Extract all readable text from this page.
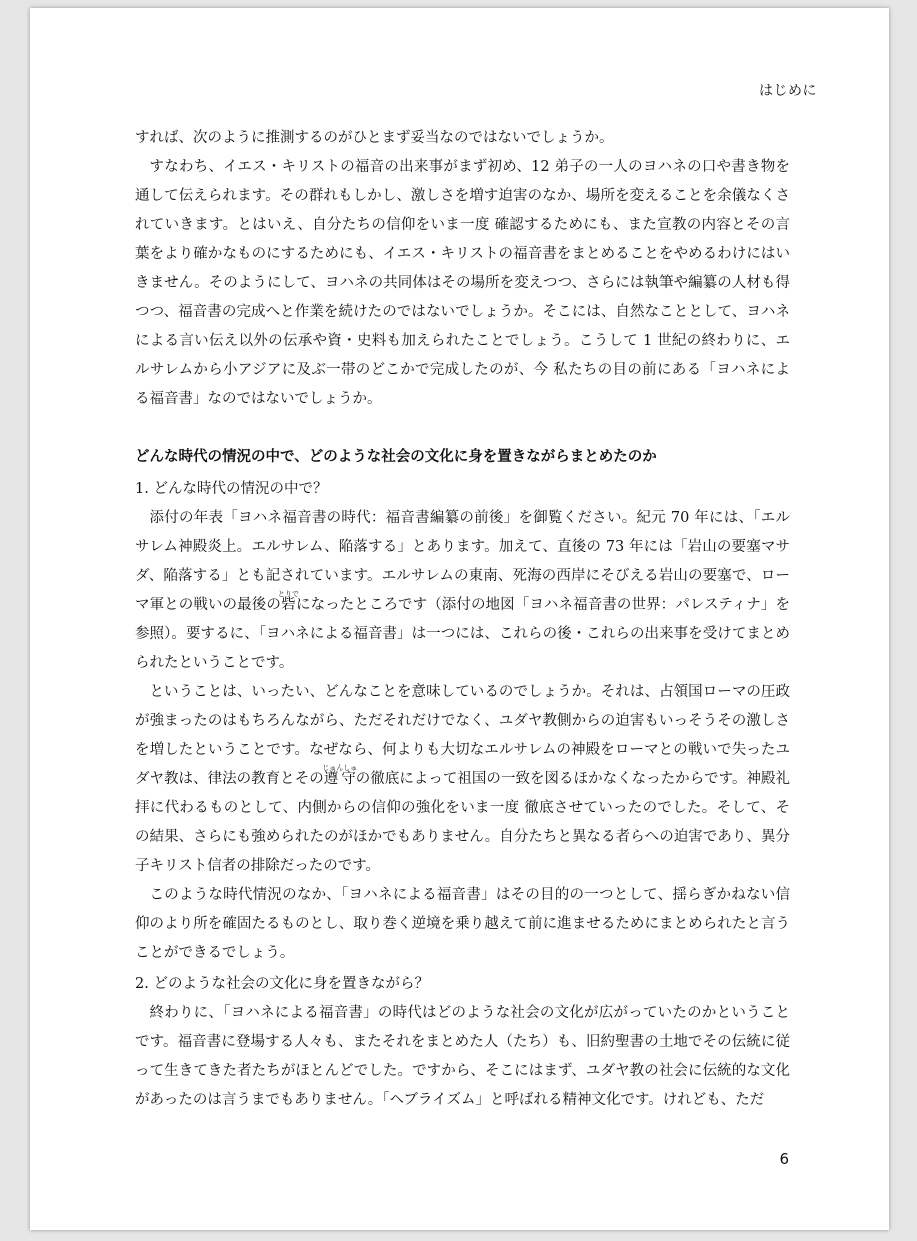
はじめに

すれば、次のように推測するのがひとまず妥当なのではないでしょうか。

すなわち、イエス・キリストの福音の出来事がまず初め、12 弟子の一人のヨハネの口や書き物を通して伝えられます。その群れもしかし、激しさを増す迫害のなか、場所を変えることを余儀なくされていきます。とはいえ、自分たちの信仰をいま一度 確認するためにも、また宣教の内容とその言葉をより確かなものにするためにも、イエス・キリストの福音書をまとめることをやめるわけにはいきません。そのようにして、ヨハネの共同体はその場所を変えつつ、さらには執筆や編纂の人材も得つつ、福音書の完成へと作業を続けたのではないでしょうか。そこには、自然なこととして、ヨハネによる言い伝え以外の伝承や資・史料も加えられたことでしょう。こうして 1 世紀の終わりに、エルサレムから小アジアに及ぶ一帯のどこかで完成したのが、今 私たちの目の前にある「ヨハネによる福音書」なのではないでしょうか。

どんな時代の情況の中で、どのような社会の文化に身を置きながらまとめたのか

1. どんな時代の情況の中で？

添付の年表「ヨハネ福音書の時代：福音書編纂の前後」を御覧ください。紀元 70 年には、「エルサレム神殿炎上。エルサレム、陥落する」とあります。加えて、直後の 73 年には「岩山の要塞マサダ、陥落する」とも記されています。エルサレムの東南、死海の西岸にそびえる岩山の要塞で、ローマ軍との戦いの最後の砦とりでになったところです（添付の地図「ヨハネ福音書の世界：パレスティナ」を参照）。要するに、「ヨハネによる福音書」は一つには、これらの後・これらの出来事を受けてまとめられたということです。

ということは、いったい、どんなことを意味しているのでしょうか。それは、占領国ローマの圧政が強まったのはもちろんながら、ただそれだけでなく、ユダヤ教側からの迫害もいっそうその激しさを増したということです。なぜなら、何よりも大切なエルサレムの神殿をローマとの戦いで失ったユダヤ教は、律法の教育とその遵守じゅんしゅの徹底によって祖国の一致を図るほかなくなったからです。神殿礼拝に代わるものとして、内側からの信仰の強化をいま一度 徹底させていったのでした。そして、その結果、さらにも強められたのがほかでもありません。自分たちと異なる者らへの迫害であり、異分子キリスト信者の排除だったのです。

このような時代情況のなか、「ヨハネによる福音書」はその目的の一つとして、揺らぎかねない信仰のより所を確固たるものとし、取り巻く逆境を乗り越えて前に進ませるためにまとめられたと言うことができるでしょう。

2. どのような社会の文化に身を置きながら？

終わりに、「ヨハネによる福音書」の時代はどのような社会の文化が広がっていたのかということです。福音書に登場する人々も、またそれをまとめた人（たち）も、旧約聖書の土地でその伝統に従って生きてきた者たちがほとんどでした。ですから、そこにはまず、ユダヤ教の社会に伝統的な文化があったのは言うまでもありません。「ヘブライズム」と呼ばれる精神文化です。けれども、ただ

6
